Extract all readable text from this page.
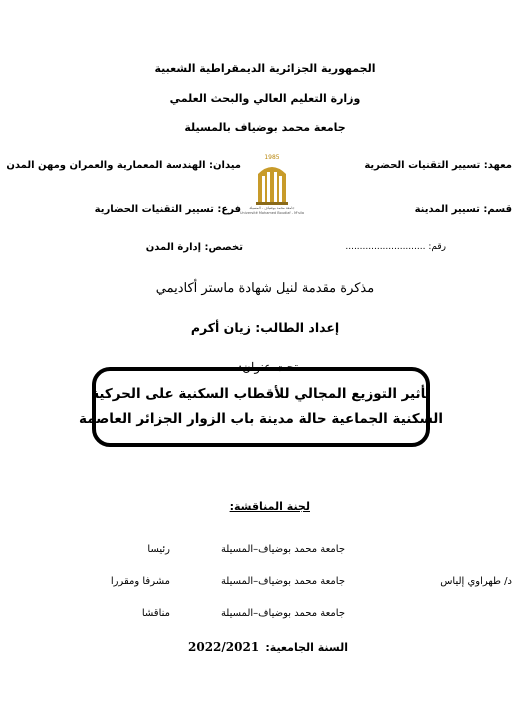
الجمهورية الجزائرية الديمقراطية الشعبية
وزارة التعليم العالي والبحث العلمي
جامعة محمد بوضياف بالمسيلة
معهد: تسيير التقنيات الحضرية
ميدان: الهندسة المعمارية والعمران ومهن المدن
1985
جامعة محمد بوضياف - المسيلة
Université Mohamed Boudiaf - M'sila	قسم: تسيير المدينة
فرع: تسيير التقنيات الحضارية
رقم: ............................
تخصص: إدارة المدن
مذكرة مقدمة لنيل شهادة ماستر أكاديمي
إعداد الطالب: زيان أكرم
تحت عنوان:
تأثير التوزيع المجالي للأقطاب السكنية على الحركية
السكنية الجماعية حالة مدينة باب الزوار الجزائر العاصمة
لجنة المناقشة:
جامعة محمد بوضياف–المسيلة
رئيسا
د/ طهراوي إلياس
جامعة محمد بوضياف–المسيلة
مشرفا ومقررا
جامعة محمد بوضياف–المسيلة
مناقشا
السنة الجامعية:
2022/2021
